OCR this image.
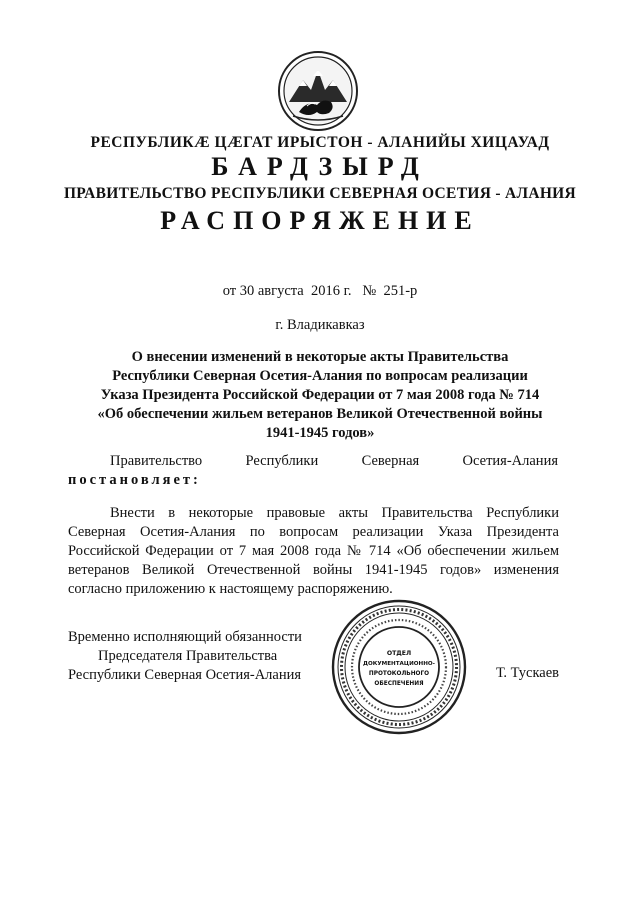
РЕСПУБЛИКÆ ЦÆГАТ ИРЫСТОН - АЛАНИЙЫ ХИЦАУАД
БАРДЗЫРД
ПРАВИТЕЛЬСТВО РЕСПУБЛИКИ СЕВЕРНАЯ ОСЕТИЯ - АЛАНИЯ
РАСПОРЯЖЕНИЕ
от 30 августа  2016 г.   №  251-р
г. Владикавказ
О внесении изменений в некоторые акты Правительства
Республики Северная Осетия-Алания по вопросам реализации
Указа Президента Российской Федерации от 7 мая 2008 года № 714
«Об обеспечении жильем ветеранов Великой Отечественной войны
1941-1945 годов»
Правительство	Республики	Северная	Осетия-Алания
постановляет:
Внести в некоторые правовые акты Правительства Республики Северная Осетия-Алания по вопросам реализации Указа Президента Российской Федерации от 7 мая 2008 года № 714 «Об обеспечении жильем ветеранов Великой Отечественной войны 1941-1945 годов» изменения согласно приложению к настоящему распоряжению.
Временно исполняющий обязанности
Председателя Правительства
Республики Северная Осетия-Алания
ОТДЕЛ
ДОКУМЕНТАЦИОННО-
ПРОТОКОЛЬНОГО
ОБЕСПЕЧЕНИЯ
Т. Тускаев
